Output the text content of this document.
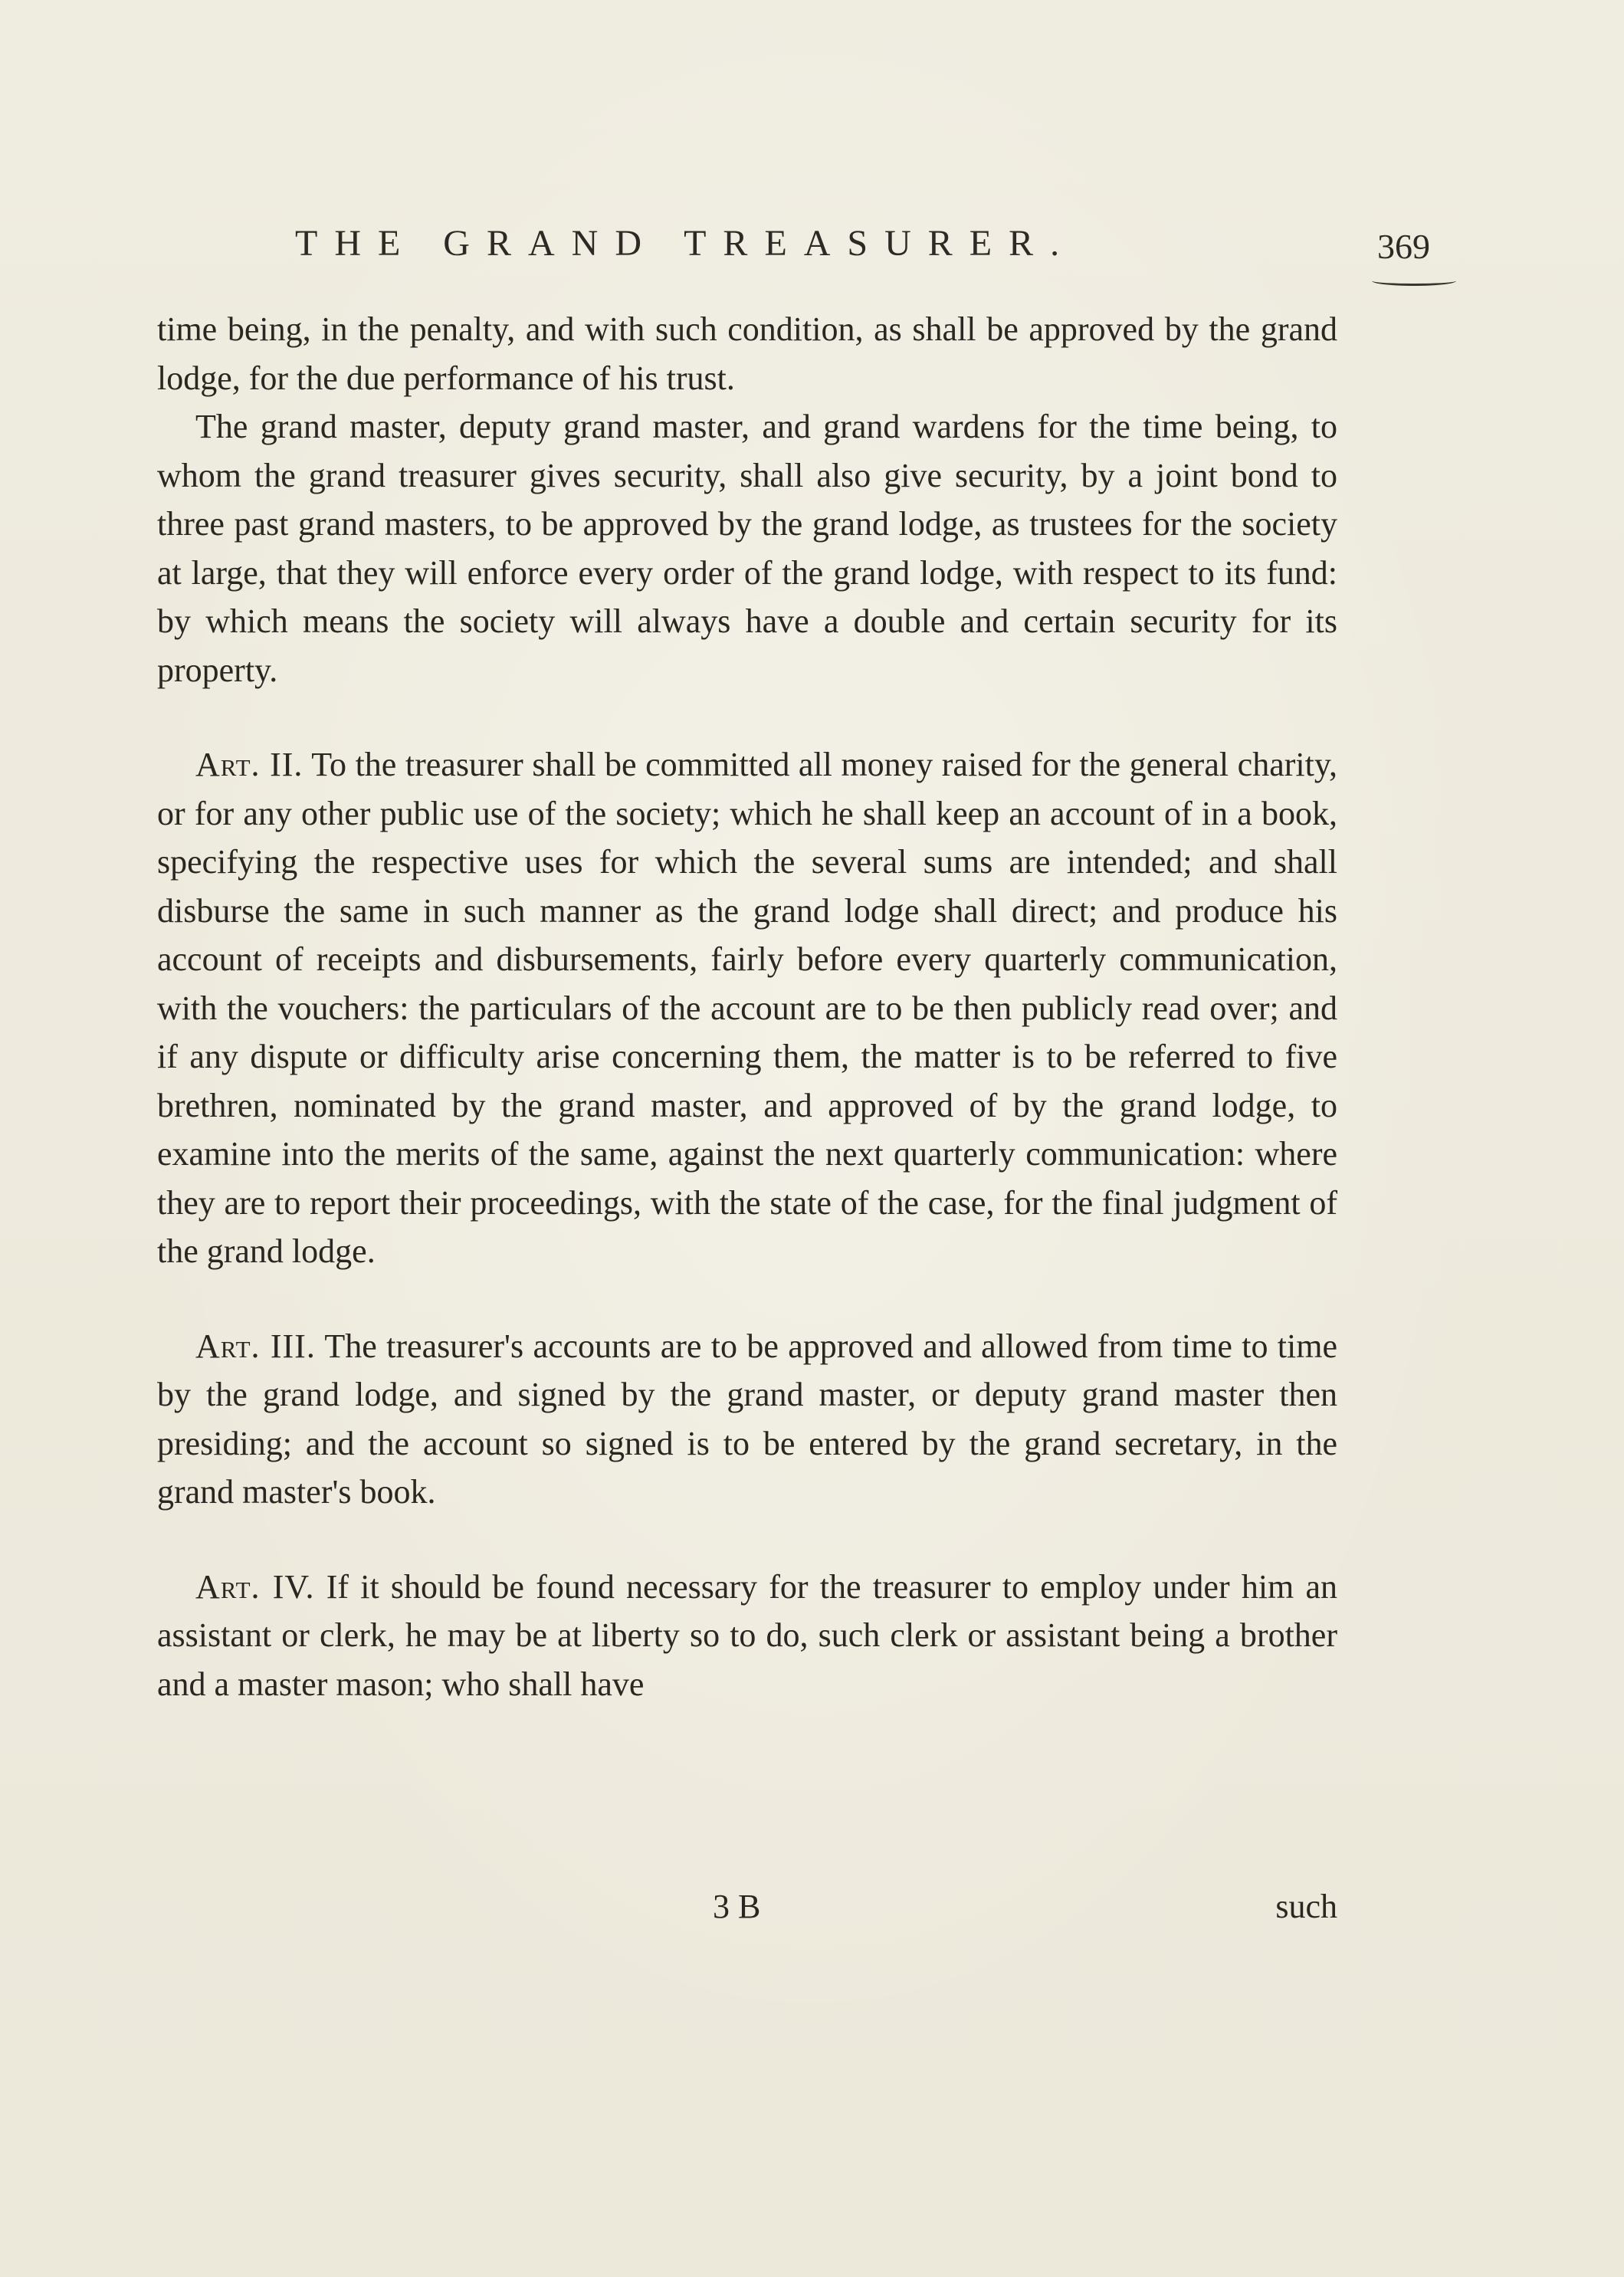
THE GRAND TREASURER.	369

time being, in the penalty, and with such condition, as shall be approved by the grand lodge, for the due performance of his trust.

The grand master, deputy grand master, and grand wardens for the time being, to whom the grand treasurer gives security, shall also give security, by a joint bond to three past grand masters, to be approved by the grand lodge, as trustees for the society at large, that they will enforce every order of the grand lodge, with respect to its fund: by which means the society will always have a double and certain security for its property.

Art. II. To the treasurer shall be committed all money raised for the general charity, or for any other public use of the society; which he shall keep an account of in a book, specifying the respective uses for which the several sums are intended; and shall disburse the same in such manner as the grand lodge shall direct; and produce his account of receipts and disbursements, fairly before every quarterly communication, with the vouchers: the particulars of the account are to be then publicly read over; and if any dispute or difficulty arise concerning them, the matter is to be referred to five brethren, nominated by the grand master, and approved of by the grand lodge, to examine into the merits of the same, against the next quarterly communication: where they are to report their proceedings, with the state of the case, for the final judgment of the grand lodge.

Art. III. The treasurer's accounts are to be approved and allowed from time to time by the grand lodge, and signed by the grand master, or deputy grand master then presiding; and the account so signed is to be entered by the grand secretary, in the grand master's book.

Art. IV. If it should be found necessary for the treasurer to employ under him an assistant or clerk, he may be at liberty so to do, such clerk or assistant being a brother and a master mason; who shall have

3 B	such
